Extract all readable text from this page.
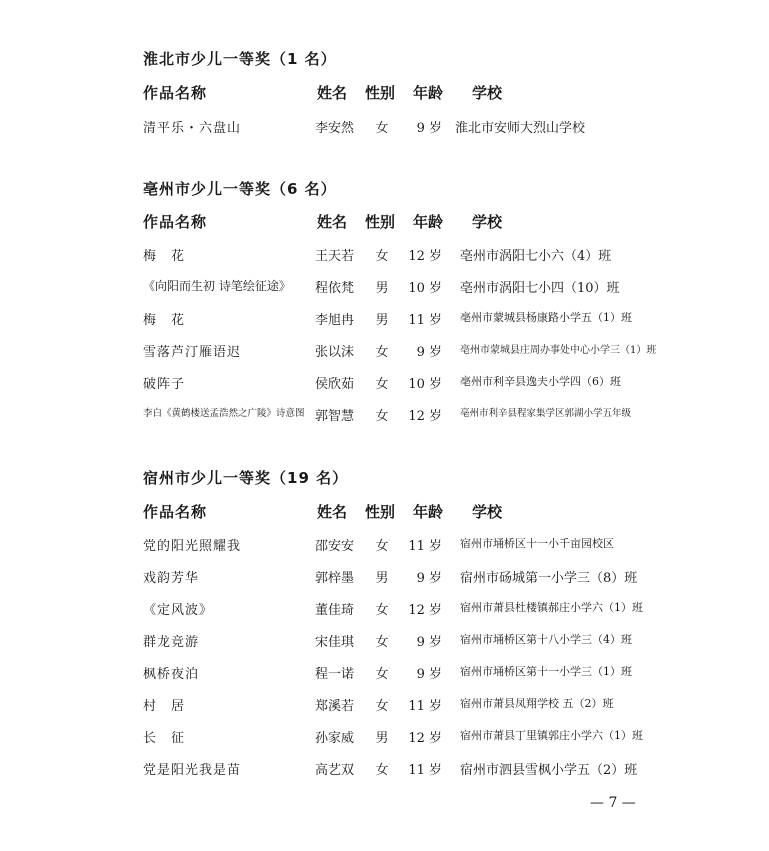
淮北市少儿一等奖（1 名）
作品名称	姓名 性别 年龄 学校
清平乐・六盘山	李安然 女	9 岁 淮北市安师大烈山学校
亳州市少儿一等奖（6 名）
作品名称	姓名 性别 年龄 学校
梅　花	王天若 女 12 岁 亳州市涡阳七小六（4）班
《向阳而生初 诗笔绘征途》 程依梵 男 10 岁 亳州市涡阳七小四（10）班
梅　花	李旭冉 男 11 岁 亳州市蒙城县杨康路小学五（1）班
雪落芦汀雁语迟	张以沫 女	9 岁 亳州市蒙城县庄周办事处中心小学三（1）班
破阵子	侯欣茹 女 10 岁 亳州市利辛县逸夫小学四（6）班
李白《黄鹤楼送孟浩然之广陵》诗意图 郭智慧 女 12 岁 亳州市利辛县程家集学区郭湖小学五年级
宿州市少儿一等奖（19 名）
作品名称	姓名 性别 年龄 学校
党的阳光照耀我	邵安安 女 11 岁 宿州市埇桥区十一小千亩园校区
戏韵芳华	郭梓墨 男	9 岁 宿州市砀城第一小学三（8）班
《定风波》	董佳琦 女 12 岁 宿州市萧县杜楼镇郝庄小学六（1）班
群龙竞游	宋佳琪 女	9 岁 宿州市埇桥区第十八小学三（4）班
枫桥夜泊	程一诺 女	9 岁 宿州市埇桥区第十一小学三（1）班
村　居	郑溪若 女 11 岁 宿州市萧县凤翔学校 五（2）班
长　征	孙家威 男 12 岁 宿州市萧县丁里镇郭庄小学六（1）班
党是阳光我是苗	高艺双 女 11 岁 宿州市泗县雪枫小学五（2）班
— 7 —
